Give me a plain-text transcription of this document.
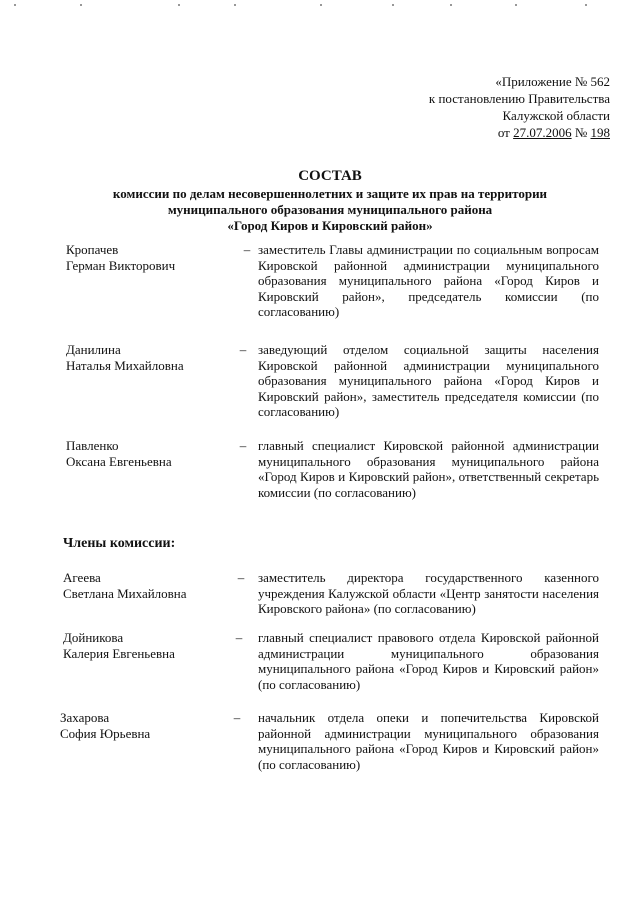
«Приложение № 562
к постановлению Правительства
Калужской области
от 27.07.2006 № 198
СОСТАВ
комиссии по делам несовершеннолетних и защите их прав на территории
муниципального образования муниципального района
«Город Киров и Кировский район»
Кропачев
Герман Викторович
– заместитель Главы администрации по социальным вопросам Кировской районной администрации муниципального образования муниципального района «Город Киров и Кировский район», председатель комиссии (по согласованию)
Данилина
Наталья Михайловна
– заведующий отделом социальной защиты населения Кировской районной администрации муниципального образования муниципального района «Город Киров и Кировский район», заместитель председателя комиссии (по согласованию)
Павленко
Оксана Евгеньевна
– главный специалист Кировской районной администрации муниципального образования муниципального района «Город Киров и Кировский район», ответственный секретарь комиссии (по согласованию)
Члены комиссии:
Агеева
Светлана Михайловна
– заместитель директора государственного казенного учреждения Калужской области «Центр занятости населения Кировского района» (по согласованию)
Дойникова
Калерия Евгеньевна
– главный специалист правового отдела Кировской районной администрации муниципального образования муниципального района «Город Киров и Кировский район» (по согласованию)
Захарова
София Юрьевна
– начальник отдела опеки и попечительства Кировской районной администрации муниципального образования муниципального района «Город Киров и Кировский район» (по согласованию)
